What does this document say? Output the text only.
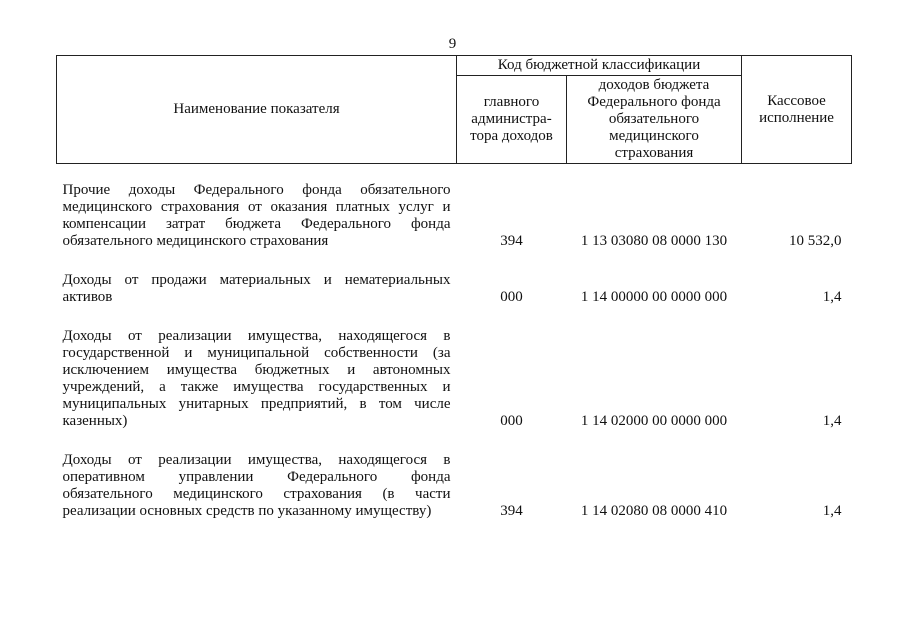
9
Наименование показателя	Код бюджетной классификации		Кассовое исполнение
	главного администра-тора доходов	доходов бюджета Федерального фонда обязательного медицинского страхования	

Прочие доходы Федерального фонда обязательного медицинского страхования от оказания платных услуг и компенсации затрат бюджета Федерального фонда обязательного медицинского страхования	394	1 13 03080 08 0000 130	10 532,0

Доходы от продажи материальных и нематериальных активов	000	1 14 00000 00 0000 000	1,4

Доходы от реализации имущества, находящегося в государственной и муниципальной собственности (за исключением имущества бюджетных и автономных учреждений, а также имущества государственных и муниципальных унитарных предприятий, в том числе казенных)	000	1 14 02000 00 0000 000	1,4

Доходы от реализации имущества, находящегося в оперативном управлении Федерального фонда обязательного медицинского страхования (в части реализации основных средств по указанному имуществу)	394	1 14 02080 08 0000 410	1,4
